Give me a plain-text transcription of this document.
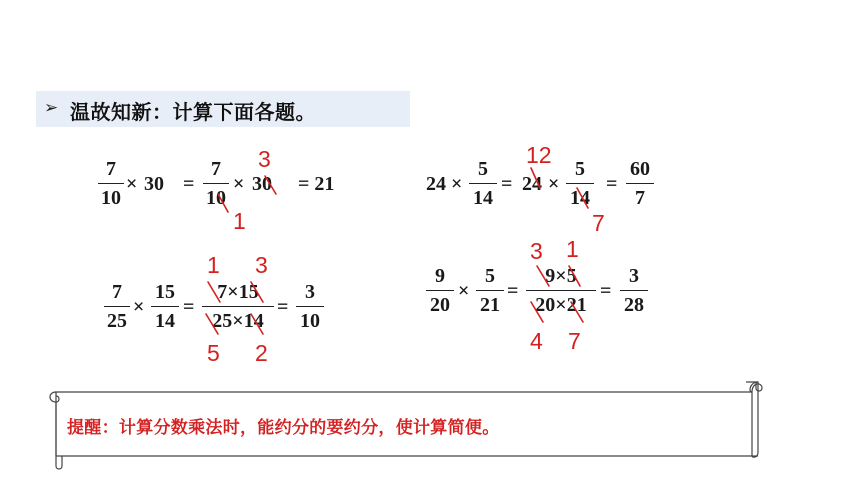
➢ 温故知新：计算下面各题。
7
10
× 30 =
7
10
× 30 = 21
3
1
24 ×
5
14
= 24 ×
5
14
=
60
7
12
7
7
25
×
15
14
=
7×15
25×14
=
3
10
1 3
5 2
9
20
×
5
21
=
9×5
20×21
=
3
28
3 1
4 7
提醒：计算分数乘法时，能约分的要约分，使计算简便。
